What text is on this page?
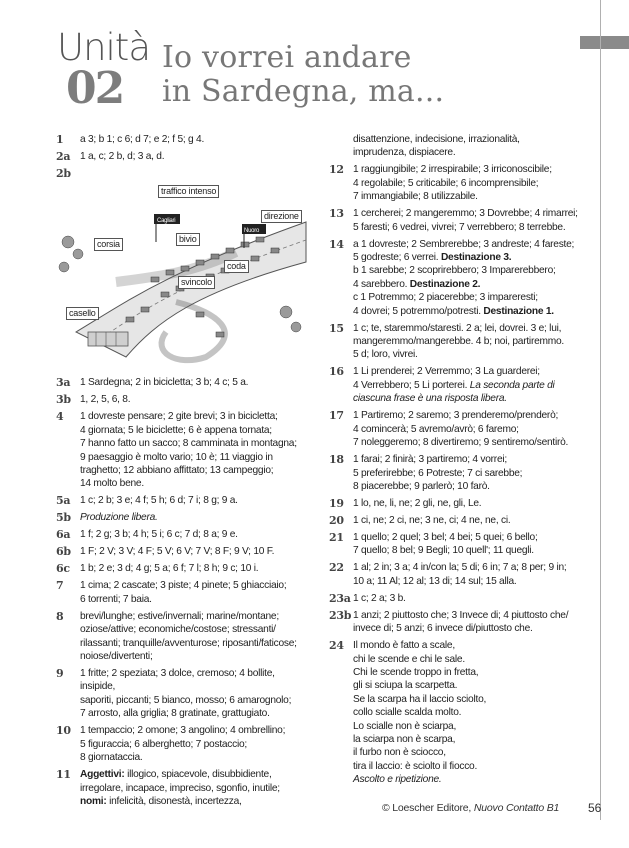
Unità
02
Io vorrei andare
in Sardegna, ma...
1 a 3; b 1; c 6; d 7; e 2; f 5; g 4.
2a 1 a, c; 2 b, d; 3 a, d.
2b

Cagliari
Nuoro
traffico intenso
direzione
corsia	bivio
coda
svincolo
casello
3a 1 Sardegna; 2 in bicicletta; 3 b; 4 c; 5 a.
3b 1, 2, 5, 6, 8.
4 1 dovreste pensare; 2 gite brevi; 3 in bicicletta;
4 giornata; 5 le biciclette; 6 è appena tornata;
7 hanno fatto un sacco; 8 camminata in montagna;
9 paesaggio è molto vario; 10 è; 11 viaggio in
traghetto; 12 abbiano affittato; 13 campeggio;
14 molto bene.
5a 1 c; 2 b; 3 e; 4 f; 5 h; 6 d; 7 i; 8 g; 9 a.
5b Produzione libera.
6a 1 f; 2 g; 3 b; 4 h; 5 i; 6 c; 7 d; 8 a; 9 e.
6b 1 F; 2 V; 3 V; 4 F; 5 V; 6 V; 7 V; 8 F; 9 V; 10 F.
6c 1 b; 2 e; 3 d; 4 g; 5 a; 6 f; 7 l; 8 h; 9 c; 10 i.
7 1 cima; 2 cascate; 3 piste; 4 pinete; 5 ghiacciaio;
6 torrenti; 7 baia.
8 brevi/lunghe; estive/invernali; marine/montane;
oziose/attive; economiche/costose; stressanti/
rilassanti; tranquille/avventurose; riposanti/faticose;
noiose/divertenti;
9 1 fritte; 2 speziata; 3 dolce, cremoso; 4 bollite, insipide,
saporiti, piccanti; 5 bianco, mosso; 6 amarognolo;
7 arrosto, alla griglia; 8 gratinate, grattugiato.
10 1 tempaccio; 2 omone; 3 angolino; 4 ombrellino;
5 figuraccia; 6 alberghetto; 7 postaccio;
8 giornataccia.
11 Aggettivi: illogico, spiacevole, disubbidiente,
irregolare, incapace, impreciso, sgonfio, inutile;
nomi: infelicità, disonestà, incertezza,
disattenzione, indecisione, irrazionalità,
imprudenza, dispiacere.
12 1 raggiungibile; 2 irrespirabile; 3 irriconoscibile;
4 regolabile; 5 criticabile; 6 incomprensibile;
7 immangiabile; 8 utilizzabile.
13 1 cercherei; 2 mangeremmo; 3 Dovrebbe; 4 rimarrei;
5 faresti; 6 vedrei, vivrei; 7 verrebbero; 8 terrebbe.
14 a 1 dovreste; 2 Sembrerebbe; 3 andreste; 4 fareste;
5 godreste; 6 verrei. Destinazione 3.
b 1 sarebbe; 2 scoprirebbero; 3 Imparerebbero;
4 sarebbero. Destinazione 2.
c 1 Potremmo; 2 piacerebbe; 3 impareresti;
4 dovrei; 5 potremmo/potresti. Destinazione 1.
15 1 c; te, staremmo/staresti. 2 a; lei, dovrei. 3 e; lui,
mangeremmo/mangerebbe. 4 b; noi, partiremmo.
5 d; loro, vivrei.
16 1 Li prenderei; 2 Verremmo; 3 La guarderei;
4 Verrebbero; 5 Li porterei. La seconda parte di
ciascuna frase è una risposta libera.
17 1 Partiremo; 2 saremo; 3 prenderemo/prenderò;
4 comincerà; 5 avremo/avrò; 6 faremo;
7 noleggeremo; 8 divertiremo; 9 sentiremo/sentirò.
18 1 farai; 2 finirà; 3 partiremo; 4 vorrei;
5 preferirebbe; 6 Potreste; 7 ci sarebbe;
8 piacerebbe; 9 parlerò; 10 farò.
19 1 lo, ne, li, ne; 2 gli, ne, gli, Le.
20 1 ci, ne; 2 ci, ne; 3 ne, ci; 4 ne, ne, ci.
21 1 quello; 2 quel; 3 bel; 4 bei; 5 quei; 6 bello;
7 quello; 8 bel; 9 Begli; 10 quell'; 11 quegli.
22 1 al; 2 in; 3 a; 4 in/con la; 5 di; 6 in; 7 a; 8 per; 9 in;
10 a; 11 Al; 12 al; 13 di; 14 sul; 15 alla.
23a 1 c; 2 a; 3 b.
23b 1 anzi; 2 piuttosto che; 3 Invece di; 4 piuttosto che/
invece di; 5 anzi; 6 invece di/piuttosto che.
24 Il mondo è fatto a scale,
chi le scende e chi le sale.
Chi le scende troppo in fretta,
gli si sciupa la scarpetta.
Se la scarpa ha il laccio sciolto,
collo scialle scalda molto.
Lo scialle non è sciarpa,
la sciarpa non è scarpa,
il furbo non è sciocco,
tira il laccio: è sciolto il fiocco.
Ascolto e ripetizione.
© Loescher Editore, Nuovo Contatto B1 56
